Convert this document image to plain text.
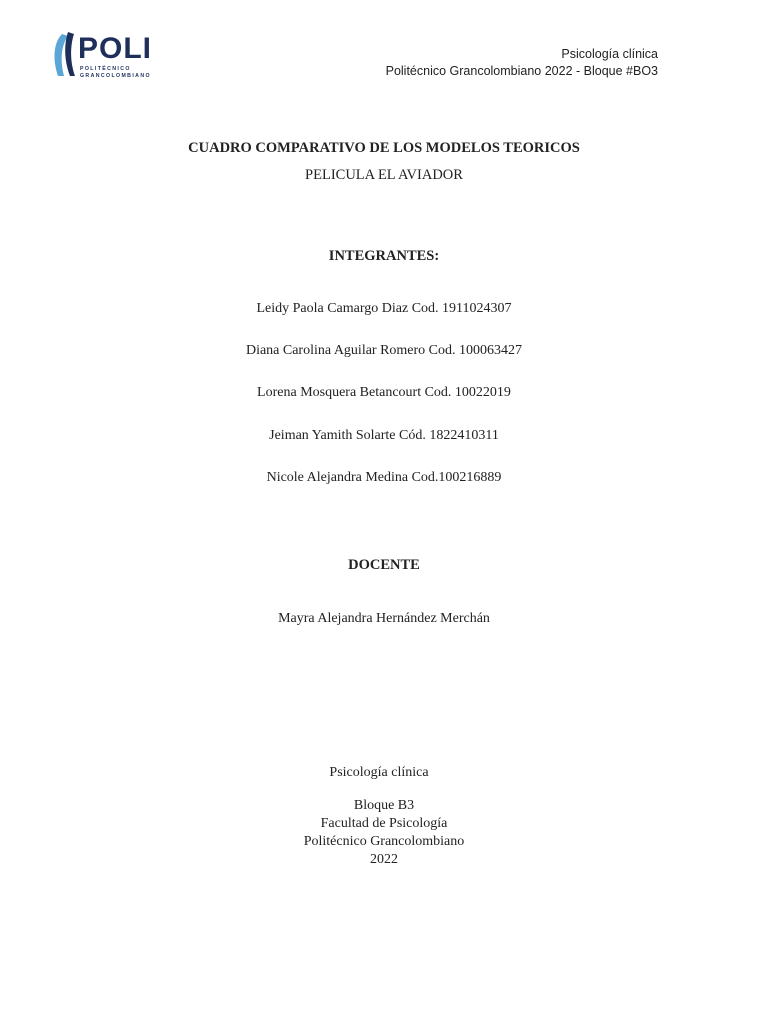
POLI
POLITÉCNICO
GRANCOLOMBIANO
Psicología clínica
Politécnico Grancolombiano 2022 - Bloque #BO3
CUADRO COMPARATIVO DE LOS MODELOS TEORICOS
PELICULA EL AVIADOR
INTEGRANTES:
Leidy Paola Camargo Diaz Cod. 1911024307
Diana Carolina Aguilar Romero Cod. 100063427
Lorena Mosquera Betancourt Cod. 10022019
Jeiman Yamith Solarte Cód. 1822410311
Nicole Alejandra Medina Cod.100216889
DOCENTE
Mayra Alejandra Hernández Merchán
Psicología clínica
Bloque B3
Facultad de Psicología
Politécnico Grancolombiano
2022
